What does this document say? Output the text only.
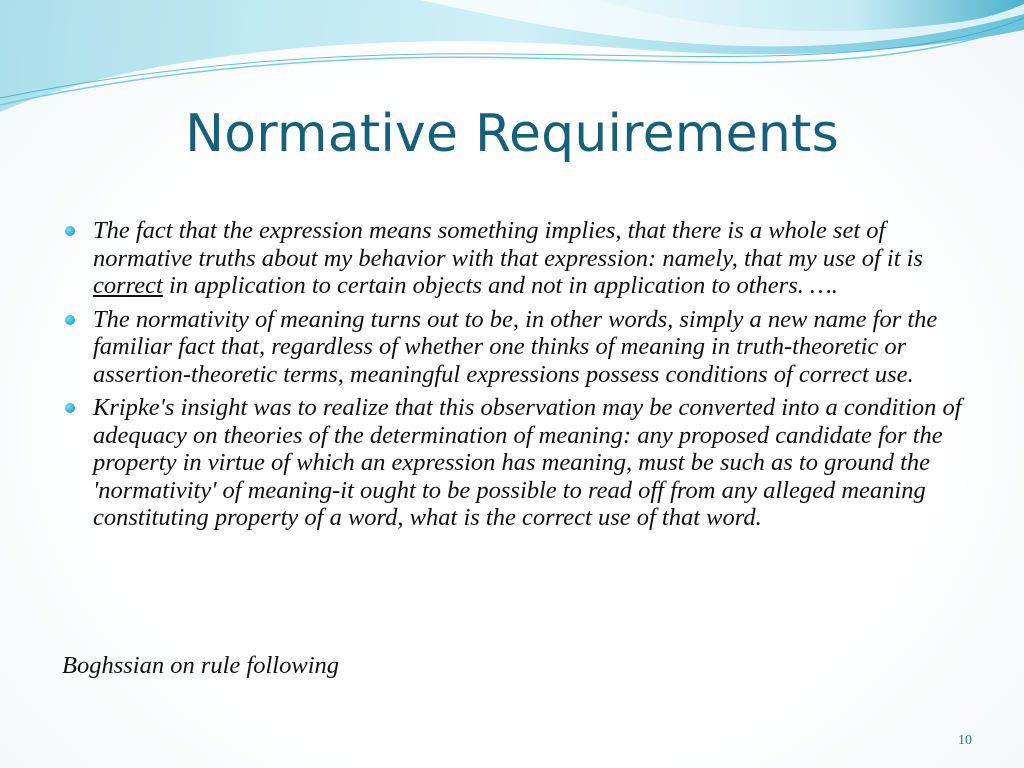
Normative Requirements
The fact that the expression means something implies, that there is a whole set of normative truths about my behavior with that expression: namely, that my use of it is correct in application to certain objects and not in application to others. ….
The normativity of meaning turns out to be, in other words, simply a new name for the familiar fact that, regardless of whether one thinks of meaning in truth-theoretic or assertion-theoretic terms, meaningful expressions possess conditions of correct use.
Kripke's insight was to realize that this observation may be converted into a condition of adequacy on theories of the determination of meaning: any proposed candidate for the property in virtue of which an expression has meaning, must be such as to ground the 'normativity' of meaning-it ought to be possible to read off from any alleged meaning constituting property of a word, what is the correct use of that word.
Boghssian on rule following
10
